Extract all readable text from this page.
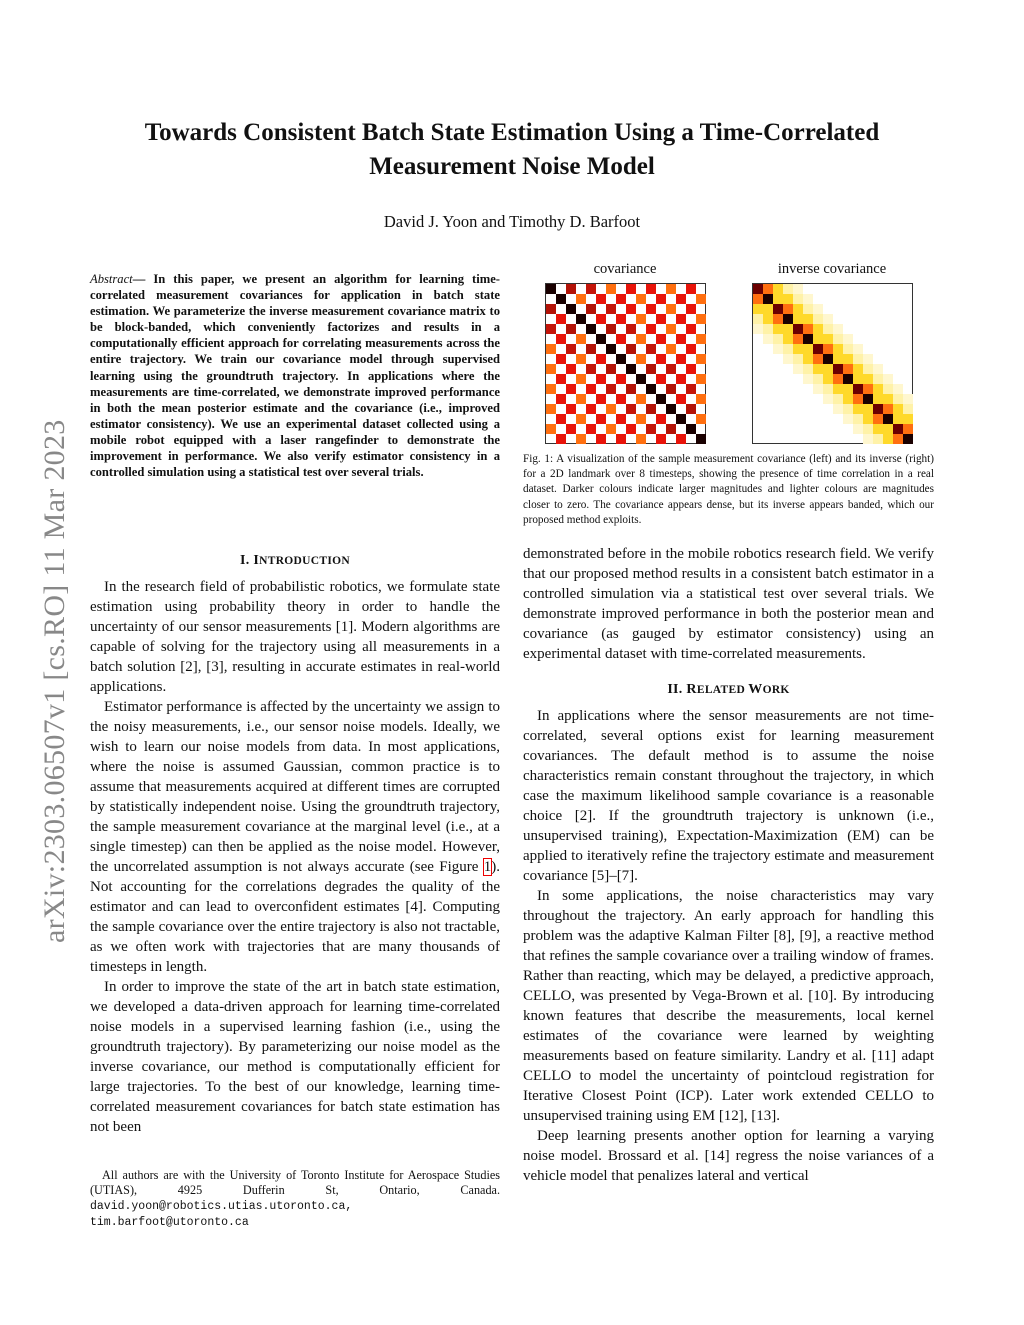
Towards Consistent Batch State Estimation Using a Time-Correlated
Measurement Noise Model
David J. Yoon and Timothy D. Barfoot
arXiv:2303.06507v1 [cs.RO] 11 Mar 2023
Abstract— In this paper, we present an algorithm for learning time-correlated measurement covariances for application in batch state estimation. We parameterize the inverse measurement covariance matrix to be block-banded, which conveniently factorizes and results in a computationally efficient approach for correlating measurements across the entire trajectory. We train our covariance model through supervised learning using the groundtruth trajectory. In applications where the measurements are time-correlated, we demonstrate improved performance in both the mean posterior estimate and the covariance (i.e., improved estimator consistency). We use an experimental dataset collected using a mobile robot equipped with a laser rangefinder to demonstrate the improvement in performance. We also verify estimator consistency in a controlled simulation using a statistical test over several trials.
I. INTRODUCTION

In the research field of probabilistic robotics, we formulate state estimation using probability theory in order to handle the uncertainty of our sensor measurements [1]. Modern algorithms are capable of solving for the trajectory using all measurements in a batch solution [2], [3], resulting in accurate estimates in real-world applications.

Estimator performance is affected by the uncertainty we assign to the noisy measurements, i.e., our sensor noise models. Ideally, we wish to learn our noise models from data. In most applications, where the noise is assumed Gaussian, common practice is to assume that measurements acquired at different times are corrupted by statistically independent noise. Using the groundtruth trajectory, the sample measurement covariance at the marginal level (i.e., at a single timestep) can then be applied as the noise model. However, the uncorrelated assumption is not always accurate (see Figure 1). Not accounting for the correlations degrades the quality of the estimator and can lead to overconfident estimates [4]. Computing the sample covariance over the entire trajectory is also not tractable, as we often work with trajectories that are many thousands of timesteps in length.

In order to improve the state of the art in batch state estimation, we developed a data-driven approach for learning time-correlated noise models in a supervised learning fashion (i.e., using the groundtruth trajectory). By parameterizing our noise model as the inverse covariance, our method is computationally efficient for large trajectories. To the best of our knowledge, learning time-correlated measurement covariances for batch state estimation has not been

All authors are with the University of Toronto Institute for Aerospace Studies (UTIAS), 4925 Dufferin St, Ontario, Canada. david.yoon@robotics.utias.utoronto.ca, tim.barfoot@utoronto.ca
covariance	inverse covariance
Fig. 1: A visualization of the sample measurement covariance (left) and its inverse (right) for a 2D landmark over 8 timesteps, showing the presence of time correlation in a real dataset. Darker colours indicate larger magnitudes and lighter colours are magnitudes closer to zero. The covariance appears dense, but its inverse appears banded, which our proposed method exploits.

demonstrated before in the mobile robotics research field. We verify that our proposed method results in a consistent batch estimator in a controlled simulation via a statistical test over several trials. We demonstrate improved performance in both the posterior mean and covariance (as gauged by estimator consistency) using an experimental dataset with time-correlated measurements.

II. RELATED WORK

In applications where the sensor measurements are not time-correlated, several options exist for learning measurement covariances. The default method is to assume the noise characteristics remain constant throughout the trajectory, in which case the maximum likelihood sample covariance is a reasonable choice [2]. If the groundtruth trajectory is unknown (i.e., unsupervised training), Expectation-Maximization (EM) can be applied to iteratively refine the trajectory estimate and measurement covariance [5]–[7].

In some applications, the noise characteristics may vary throughout the trajectory. An early approach for handling this problem was the adaptive Kalman Filter [8], [9], a reactive method that refines the sample covariance over a trailing window of frames. Rather than reacting, which may be delayed, a predictive approach, CELLO, was presented by Vega-Brown et al. [10]. By introducing known features that describe the measurements, local kernel estimates of the covariance were learned by weighting measurements based on feature similarity. Landry et al. [11] adapt CELLO to model the uncertainty of pointcloud registration for Iterative Closest Point (ICP). Later work extended CELLO to unsupervised training using EM [12], [13].

Deep learning presents another option for learning a varying noise model. Brossard et al. [14] regress the noise variances of a vehicle model that penalizes lateral and vertical
